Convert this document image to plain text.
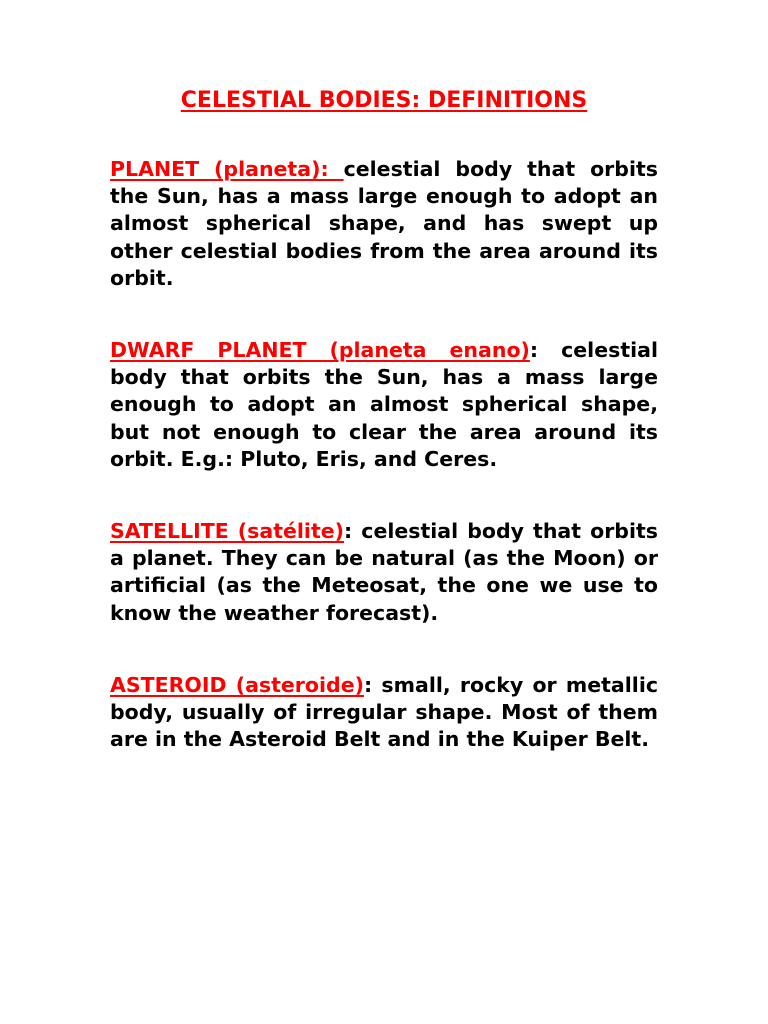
CELESTIAL BODIES: DEFINITIONS

PLANET (planeta): celestial body that orbits the Sun, has a mass large enough to adopt an almost spherical shape, and has swept up other celestial bodies from the area around its orbit.

DWARF PLANET (planeta enano): celestial body that orbits the Sun, has a mass large enough to adopt an almost spherical shape, but not enough to clear the area around its orbit. E.g.: Pluto, Eris, and Ceres.

SATELLITE (satélite): celestial body that orbits a planet. They can be natural (as the Moon) or artificial (as the Meteosat, the one we use to know the weather forecast).

ASTEROID (asteroide): small, rocky or metallic body, usually of irregular shape. Most of them are in the Asteroid Belt and in the Kuiper Belt.
